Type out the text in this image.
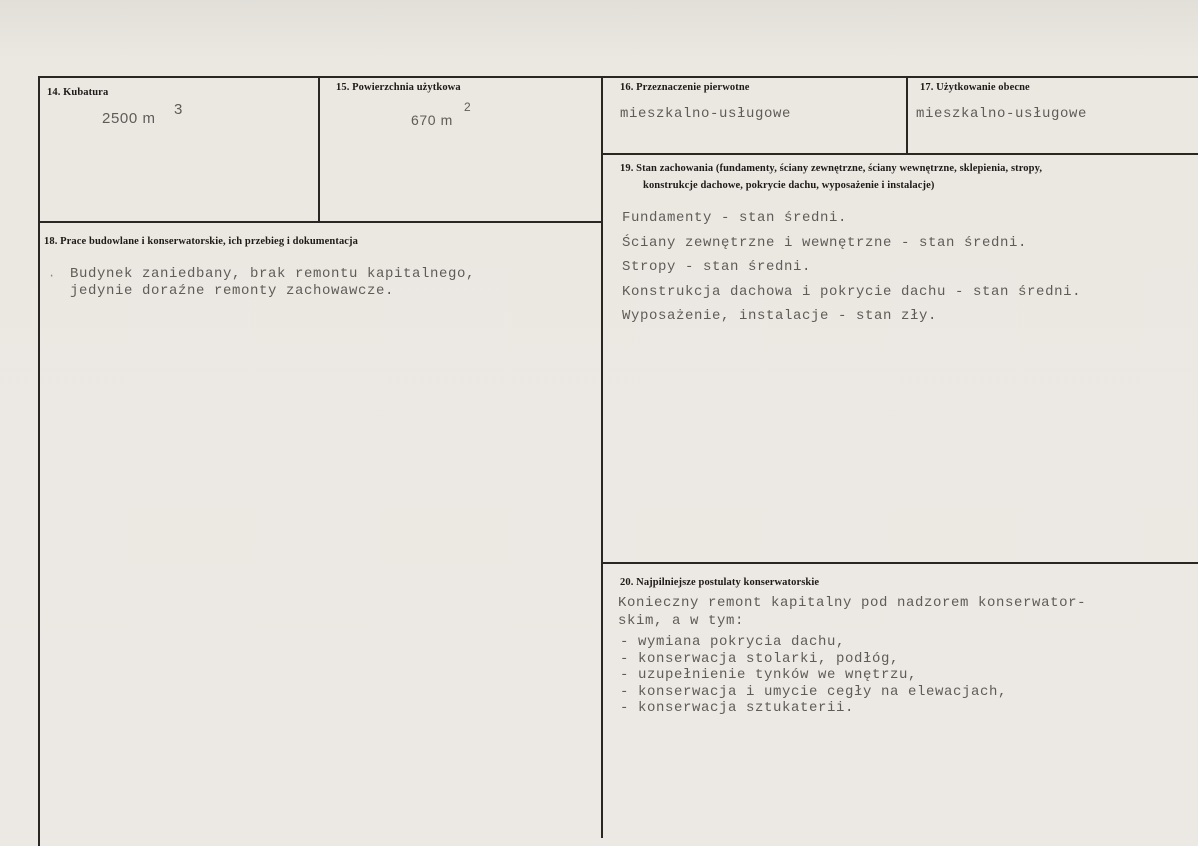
14. Kubatura
2500 m
3
15. Powierzchnia użytkowa
670 m
2
16. Przeznaczenie pierwotne
mieszkalno-usługowe
17. Użytkowanie obecne
mieszkalno-usługowe
18. Prace budowlane i konserwatorskie, ich przebieg i dokumentacja
· Budynek zaniedbany, brak remontu kapitalnego,
jedynie doraźne remonty zachowawcze.
19. Stan zachowania (fundamenty, ściany zewnętrzne, ściany wewnętrzne, sklepienia, stropy,
konstrukcje dachowe, pokrycie dachu, wyposażenie i instalacje)
Fundamenty - stan średni.
Ściany zewnętrzne i wewnętrzne - stan średni.
Stropy - stan średni.
Konstrukcja dachowa i pokrycie dachu - stan średni.
Wyposażenie, instalacje - stan zły.
20. Najpilniejsze postulaty konserwatorskie
Konieczny remont kapitalny pod nadzorem konserwator-
skim, a w tym:
- wymiana pokrycia dachu,
- konserwacja stolarki, podłóg,
- uzupełnienie tynków we wnętrzu,
- konserwacja i umycie cegły na elewacjach,
- konserwacja sztukaterii.
